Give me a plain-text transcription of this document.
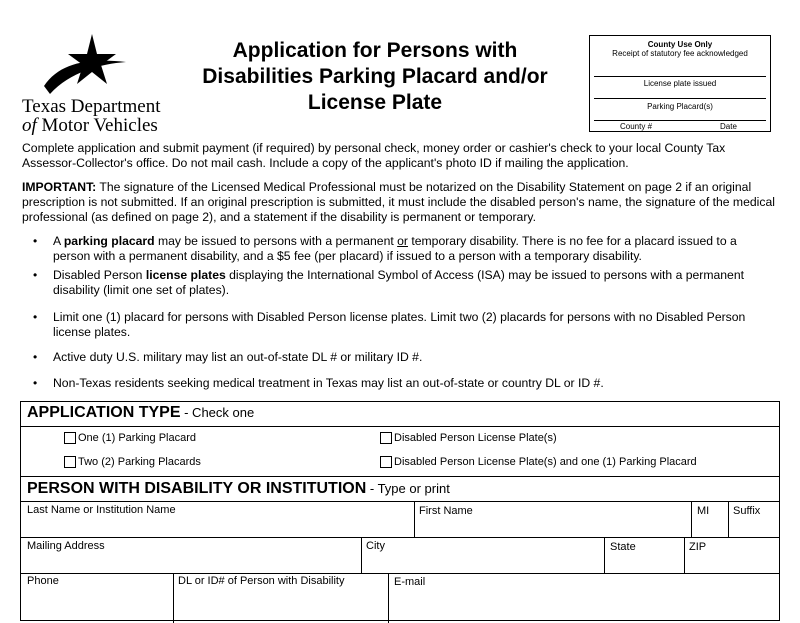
Texas Department
of Motor Vehicles
Application for Persons with
Disabilities Parking Placard and/or
License Plate
County Use Only
Receipt of statutory fee acknowledged
License plate issued
Parking Placard(s)
County #	Date
Complete application and submit payment (if required) by personal check, money order or cashier's check to your local County Tax Assessor-Collector's office. Do not mail cash. Include a copy of the applicant's photo ID if mailing the application.
IMPORTANT: The signature of the Licensed Medical Professional must be notarized on the Disability Statement on page 2 if an original prescription is not submitted. If an original prescription is submitted, it must include the disabled person's name, the signature of the medical professional (as defined on page 2), and a statement if the disability is permanent or temporary.
• A parking placard may be issued to persons with a permanent or temporary disability. There is no fee for a placard issued to a person with a permanent disability, and a $5 fee (per placard) if issued to a person with a temporary disability.
• Disabled Person license plates displaying the International Symbol of Access (ISA) may be issued to persons with a permanent disability (limit one set of plates).
• Limit one (1) placard for persons with Disabled Person license plates. Limit two (2) placards for persons with no Disabled Person license plates.
• Active duty U.S. military may list an out-of-state DL # or military ID #.
• Non-Texas residents seeking medical treatment in Texas may list an out-of-state or country DL or ID #.
APPLICATION TYPE - Check one
One (1) Parking Placard
Two (2) Parking Placards
Disabled Person License Plate(s)
Disabled Person License Plate(s) and one (1) Parking Placard
PERSON WITH DISABILITY OR INSTITUTION - Type or print
Last Name or Institution Name	First Name	MI Suffix
Mailing Address	City	State	ZIP
Phone	DL or ID# of Person with Disability	E-mail
